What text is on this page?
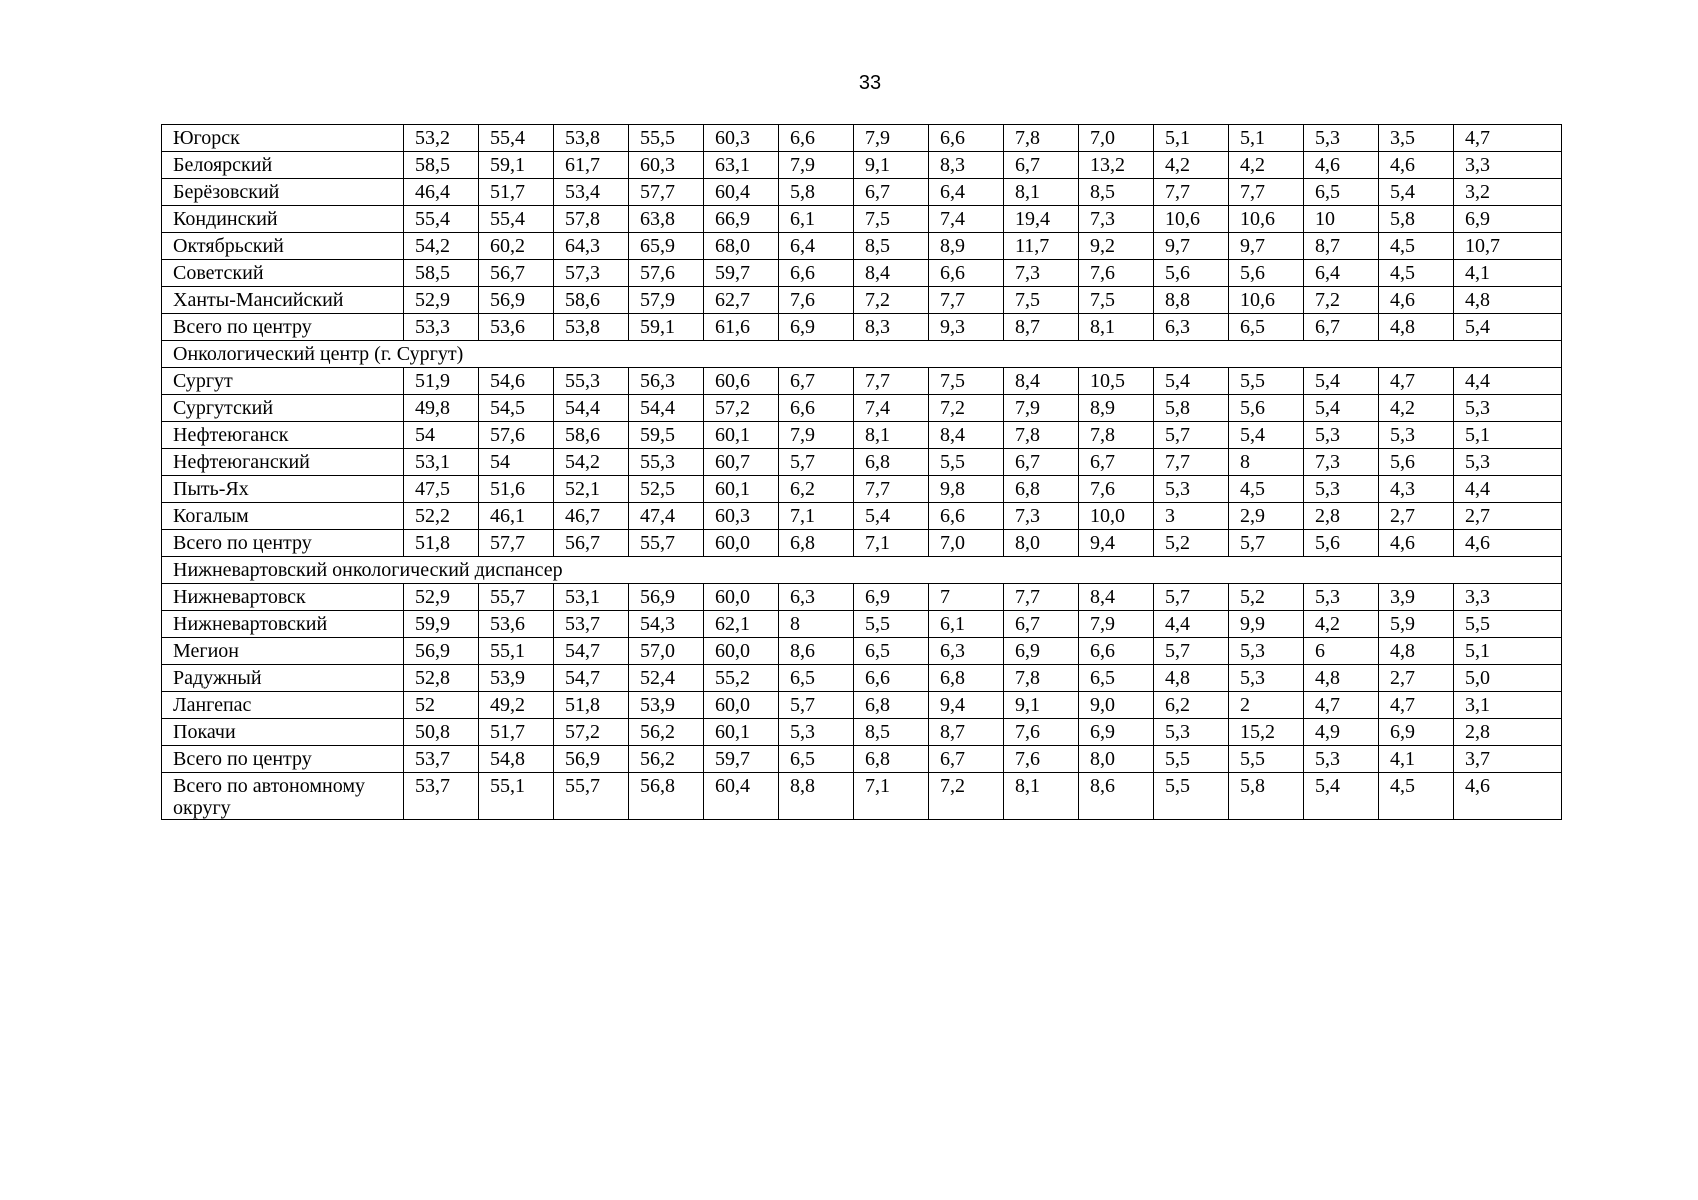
33
Югорск	53,2	55,4	53,8	55,5	60,3	6,6	7,9	6,6	7,8	7,0	5,1	5,1	5,3	3,5	4,7
Белоярский	58,5	59,1	61,7	60,3	63,1	7,9	9,1	8,3	6,7	13,2	4,2	4,2	4,6	4,6	3,3
Берёзовский	46,4	51,7	53,4	57,7	60,4	5,8	6,7	6,4	8,1	8,5	7,7	7,7	6,5	5,4	3,2
Кондинский	55,4	55,4	57,8	63,8	66,9	6,1	7,5	7,4	19,4	7,3	10,6	10,6	10	5,8	6,9
Октябрьский	54,2	60,2	64,3	65,9	68,0	6,4	8,5	8,9	11,7	9,2	9,7	9,7	8,7	4,5	10,7
Советский	58,5	56,7	57,3	57,6	59,7	6,6	8,4	6,6	7,3	7,6	5,6	5,6	6,4	4,5	4,1
Ханты-Мансийский	52,9	56,9	58,6	57,9	62,7	7,6	7,2	7,7	7,5	7,5	8,8	10,6	7,2	4,6	4,8
Всего по центру	53,3	53,6	53,8	59,1	61,6	6,9	8,3	9,3	8,7	8,1	6,3	6,5	6,7	4,8	5,4
Онкологический центр (г. Сургут)															
Сургут	51,9	54,6	55,3	56,3	60,6	6,7	7,7	7,5	8,4	10,5	5,4	5,5	5,4	4,7	4,4
Сургутский	49,8	54,5	54,4	54,4	57,2	6,6	7,4	7,2	7,9	8,9	5,8	5,6	5,4	4,2	5,3
Нефтеюганск	54	57,6	58,6	59,5	60,1	7,9	8,1	8,4	7,8	7,8	5,7	5,4	5,3	5,3	5,1
Нефтеюганский	53,1	54	54,2	55,3	60,7	5,7	6,8	5,5	6,7	6,7	7,7	8	7,3	5,6	5,3
Пыть-Ях	47,5	51,6	52,1	52,5	60,1	6,2	7,7	9,8	6,8	7,6	5,3	4,5	5,3	4,3	4,4
Когалым	52,2	46,1	46,7	47,4	60,3	7,1	5,4	6,6	7,3	10,0	3	2,9	2,8	2,7	2,7
Всего по центру	51,8	57,7	56,7	55,7	60,0	6,8	7,1	7,0	8,0	9,4	5,2	5,7	5,6	4,6	4,6
Нижневартовский онкологический диспансер															
Нижневартовск	52,9	55,7	53,1	56,9	60,0	6,3	6,9	7	7,7	8,4	5,7	5,2	5,3	3,9	3,3
Нижневартовский	59,9	53,6	53,7	54,3	62,1	8	5,5	6,1	6,7	7,9	4,4	9,9	4,2	5,9	5,5
Мегион	56,9	55,1	54,7	57,0	60,0	8,6	6,5	6,3	6,9	6,6	5,7	5,3	6	4,8	5,1
Радужный	52,8	53,9	54,7	52,4	55,2	6,5	6,6	6,8	7,8	6,5	4,8	5,3	4,8	2,7	5,0
Лангепас	52	49,2	51,8	53,9	60,0	5,7	6,8	9,4	9,1	9,0	6,2	2	4,7	4,7	3,1
Покачи	50,8	51,7	57,2	56,2	60,1	5,3	8,5	8,7	7,6	6,9	5,3	15,2	4,9	6,9	2,8
Всего по центру	53,7	54,8	56,9	56,2	59,7	6,5	6,8	6,7	7,6	8,0	5,5	5,5	5,3	4,1	3,7
Всего по автономному округу	53,7	55,1	55,7	56,8	60,4	8,8	7,1	7,2	8,1	8,6	5,5	5,8	5,4	4,5	4,6
